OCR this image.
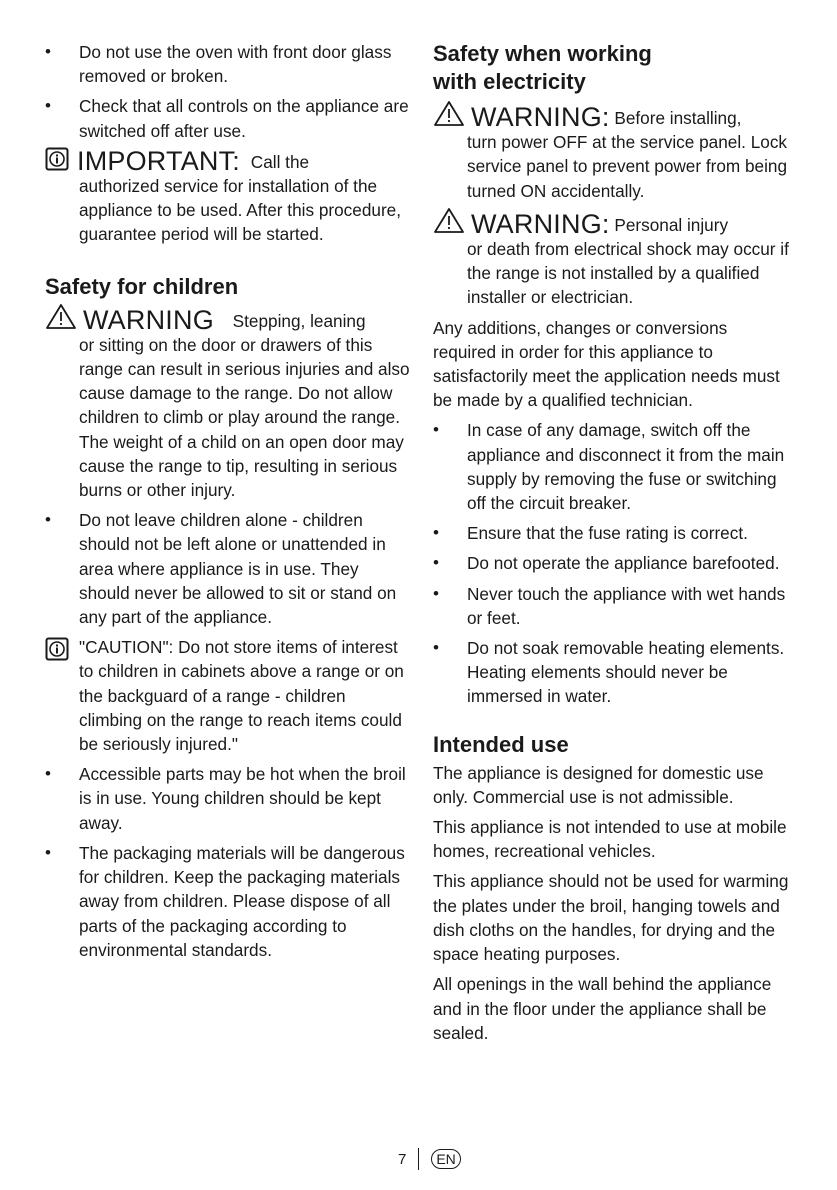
• Do not use the oven with front door glass removed or broken.
• Check that all controls on the appliance are switched off after use.
IMPORTANT: Call the
authorized service for installation of the appliance to be used. After this procedure, guarantee period will be started.
Safety for children
WARNING Stepping, leaning
or sitting on the door or drawers of this range can result in serious injuries and also cause damage to the range. Do not allow children to climb or play around the range. The weight of a child on an open door may cause the range to tip, resulting in serious burns or other injury.
• Do not leave children alone - children should not be left alone or unattended in area where appliance is in use. They should never be allowed to sit or stand on any part of the appliance.
"CAUTION": Do not store items of interest to children in cabinets above a range or on the backguard of a range - children climbing on the range to reach items could be seriously injured."
• Accessible parts may be hot when the broil is in use. Young children should be kept away.
• The packaging materials will be dangerous for children. Keep the packaging materials away from children. Please dispose of all parts of the packaging according to environmental standards.
Safety when working with electricity
WARNING: Before installing,
turn power OFF at the service panel. Lock service panel to prevent power from being turned ON accidentally.
WARNING: Personal injury
or death from electrical shock may occur if the range is not installed by a qualified installer or electrician.

Any additions, changes or conversions required in order for this appliance to satisfactorily meet the application needs must be made by a qualified technician.

• In case of any damage, switch off the appliance and disconnect it from the main supply by removing the fuse or switching off the circuit breaker.
• Ensure that the fuse rating is correct.
• Do not operate the appliance barefooted.
• Never touch the appliance with wet hands or feet.
• Do not soak removable heating elements. Heating elements should never be immersed in water.
Intended use

The appliance is designed for domestic use only. Commercial use is not admissible.

This appliance is not intended to use at mobile homes, recreational vehicles.

This appliance should not be used for warming the plates under the broil, hanging towels and dish cloths on the handles, for drying and the space heating purposes.

All openings in the wall behind the appliance and in the floor under the appliance shall be sealed.

7	EN
